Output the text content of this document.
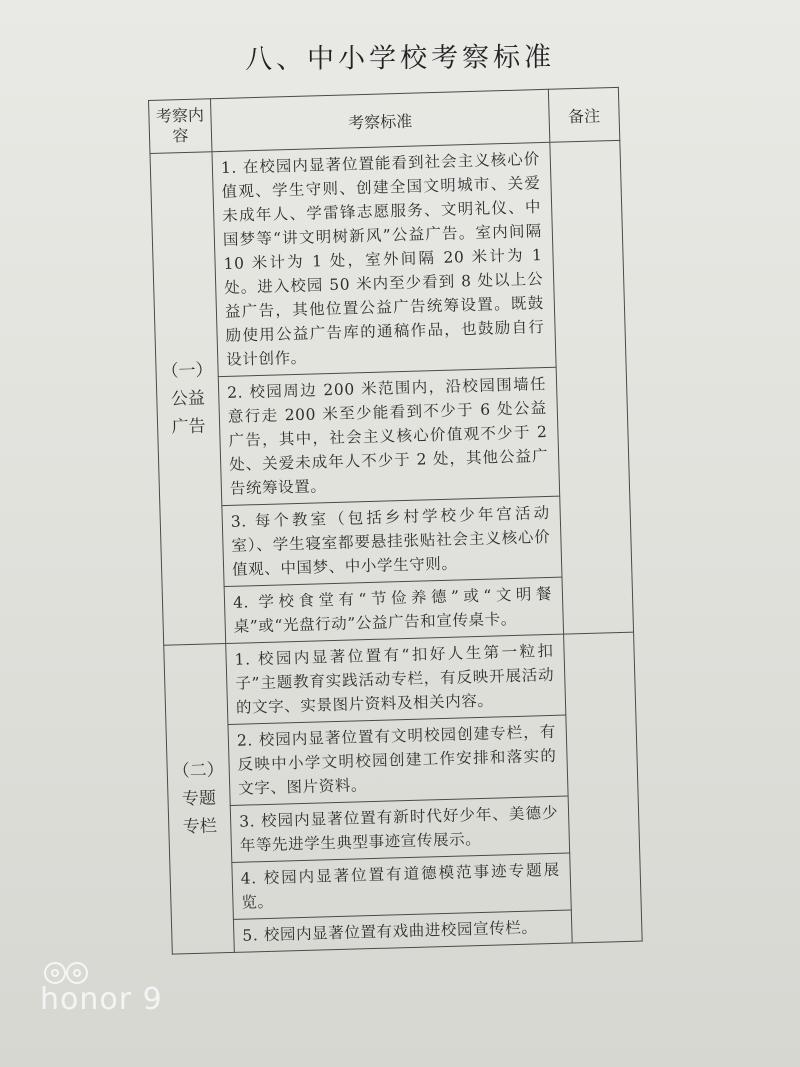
八、中小学校考察标准
考察内容	考察标准	备注

（一）
公益
广告	1. 在校园内显著位置能看到社会主义核心价值观、学生守则、创建全国文明城市、关爱未成年人、学雷锋志愿服务、文明礼仪、中国梦等“讲文明树新风”公益广告。室内间隔 10 米计为 1 处，室外间隔 20 米计为 1 处。进入校园 50 米内至少看到 8 处以上公益广告，其他位置公益广告统筹设置。既鼓励使用公益广告库的通稿作品，也鼓励自行设计创作。	
	2. 校园周边 200 米范围内，沿校园围墙任意行走 200 米至少能看到不少于 6 处公益广告，其中，社会主义核心价值观不少于 2 处、关爱未成年人不少于 2 处，其他公益广告统筹设置。	
	3. 每个教室（包括乡村学校少年宫活动室）、学生寝室都要悬挂张贴社会主义核心价值观、中国梦、中小学生守则。	
	4. 学校食堂有“节俭养德”或“文明餐桌”或“光盘行动”公益广告和宣传桌卡。	

（二）
专题
专栏	1. 校园内显著位置有“扣好人生第一粒扣子”主题教育实践活动专栏，有反映开展活动的文字、实景图片资料及相关内容。	
	2. 校园内显著位置有文明校园创建专栏，有反映中小学文明校园创建工作安排和落实的文字、图片资料。	
	3. 校园内显著位置有新时代好少年、美德少年等先进学生典型事迹宣传展示。	
	4. 校园内显著位置有道德模范事迹专题展览。	
	5. 校园内显著位置有戏曲进校园宣传栏。	
honor 9
